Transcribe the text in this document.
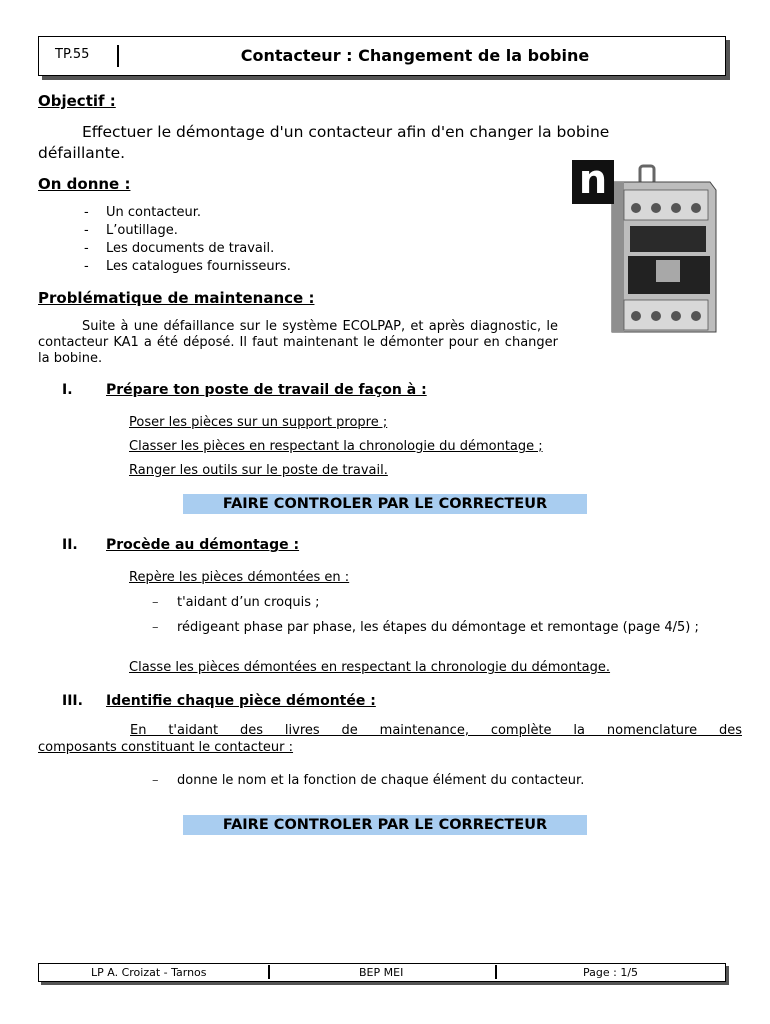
TP.55	Contacteur : Changement de la bobine
Objectif :
Effectuer le démontage d'un contacteur afin d'en changer la bobine
défaillante.
On donne :
- Un contacteur.
- L’outillage.
- Les documents de travail.
- Les catalogues fournisseurs.
n
Problématique de maintenance :
Suite à une défaillance sur le système ECOLPAP, et après diagnostic, le contacteur KA1 a été déposé. Il faut maintenant le démonter pour en changer la bobine.
I. Prépare ton poste de travail de façon à :
Poser les pièces sur un support propre ;
Classer les pièces en respectant la chronologie du démontage ;
Ranger les outils sur le poste de travail.
FAIRE CONTROLER PAR LE CORRECTEUR
II. Procède au démontage :
Repère les pièces démontées en :
– t'aidant d’un croquis ;
– rédigeant phase par phase, les étapes du démontage et remontage (page 4/5) ;
Classe les pièces démontées en respectant la chronologie du démontage.
III. Identifie chaque pièce démontée :
En t'aidant des livres de maintenance, complète la nomenclature des
composants constituant le contacteur :
– donne le nom et la fonction de chaque élément du contacteur.
FAIRE CONTROLER PAR LE CORRECTEUR
LP A. Croizat - Tarnos	BEP MEI	Page : 1/5
